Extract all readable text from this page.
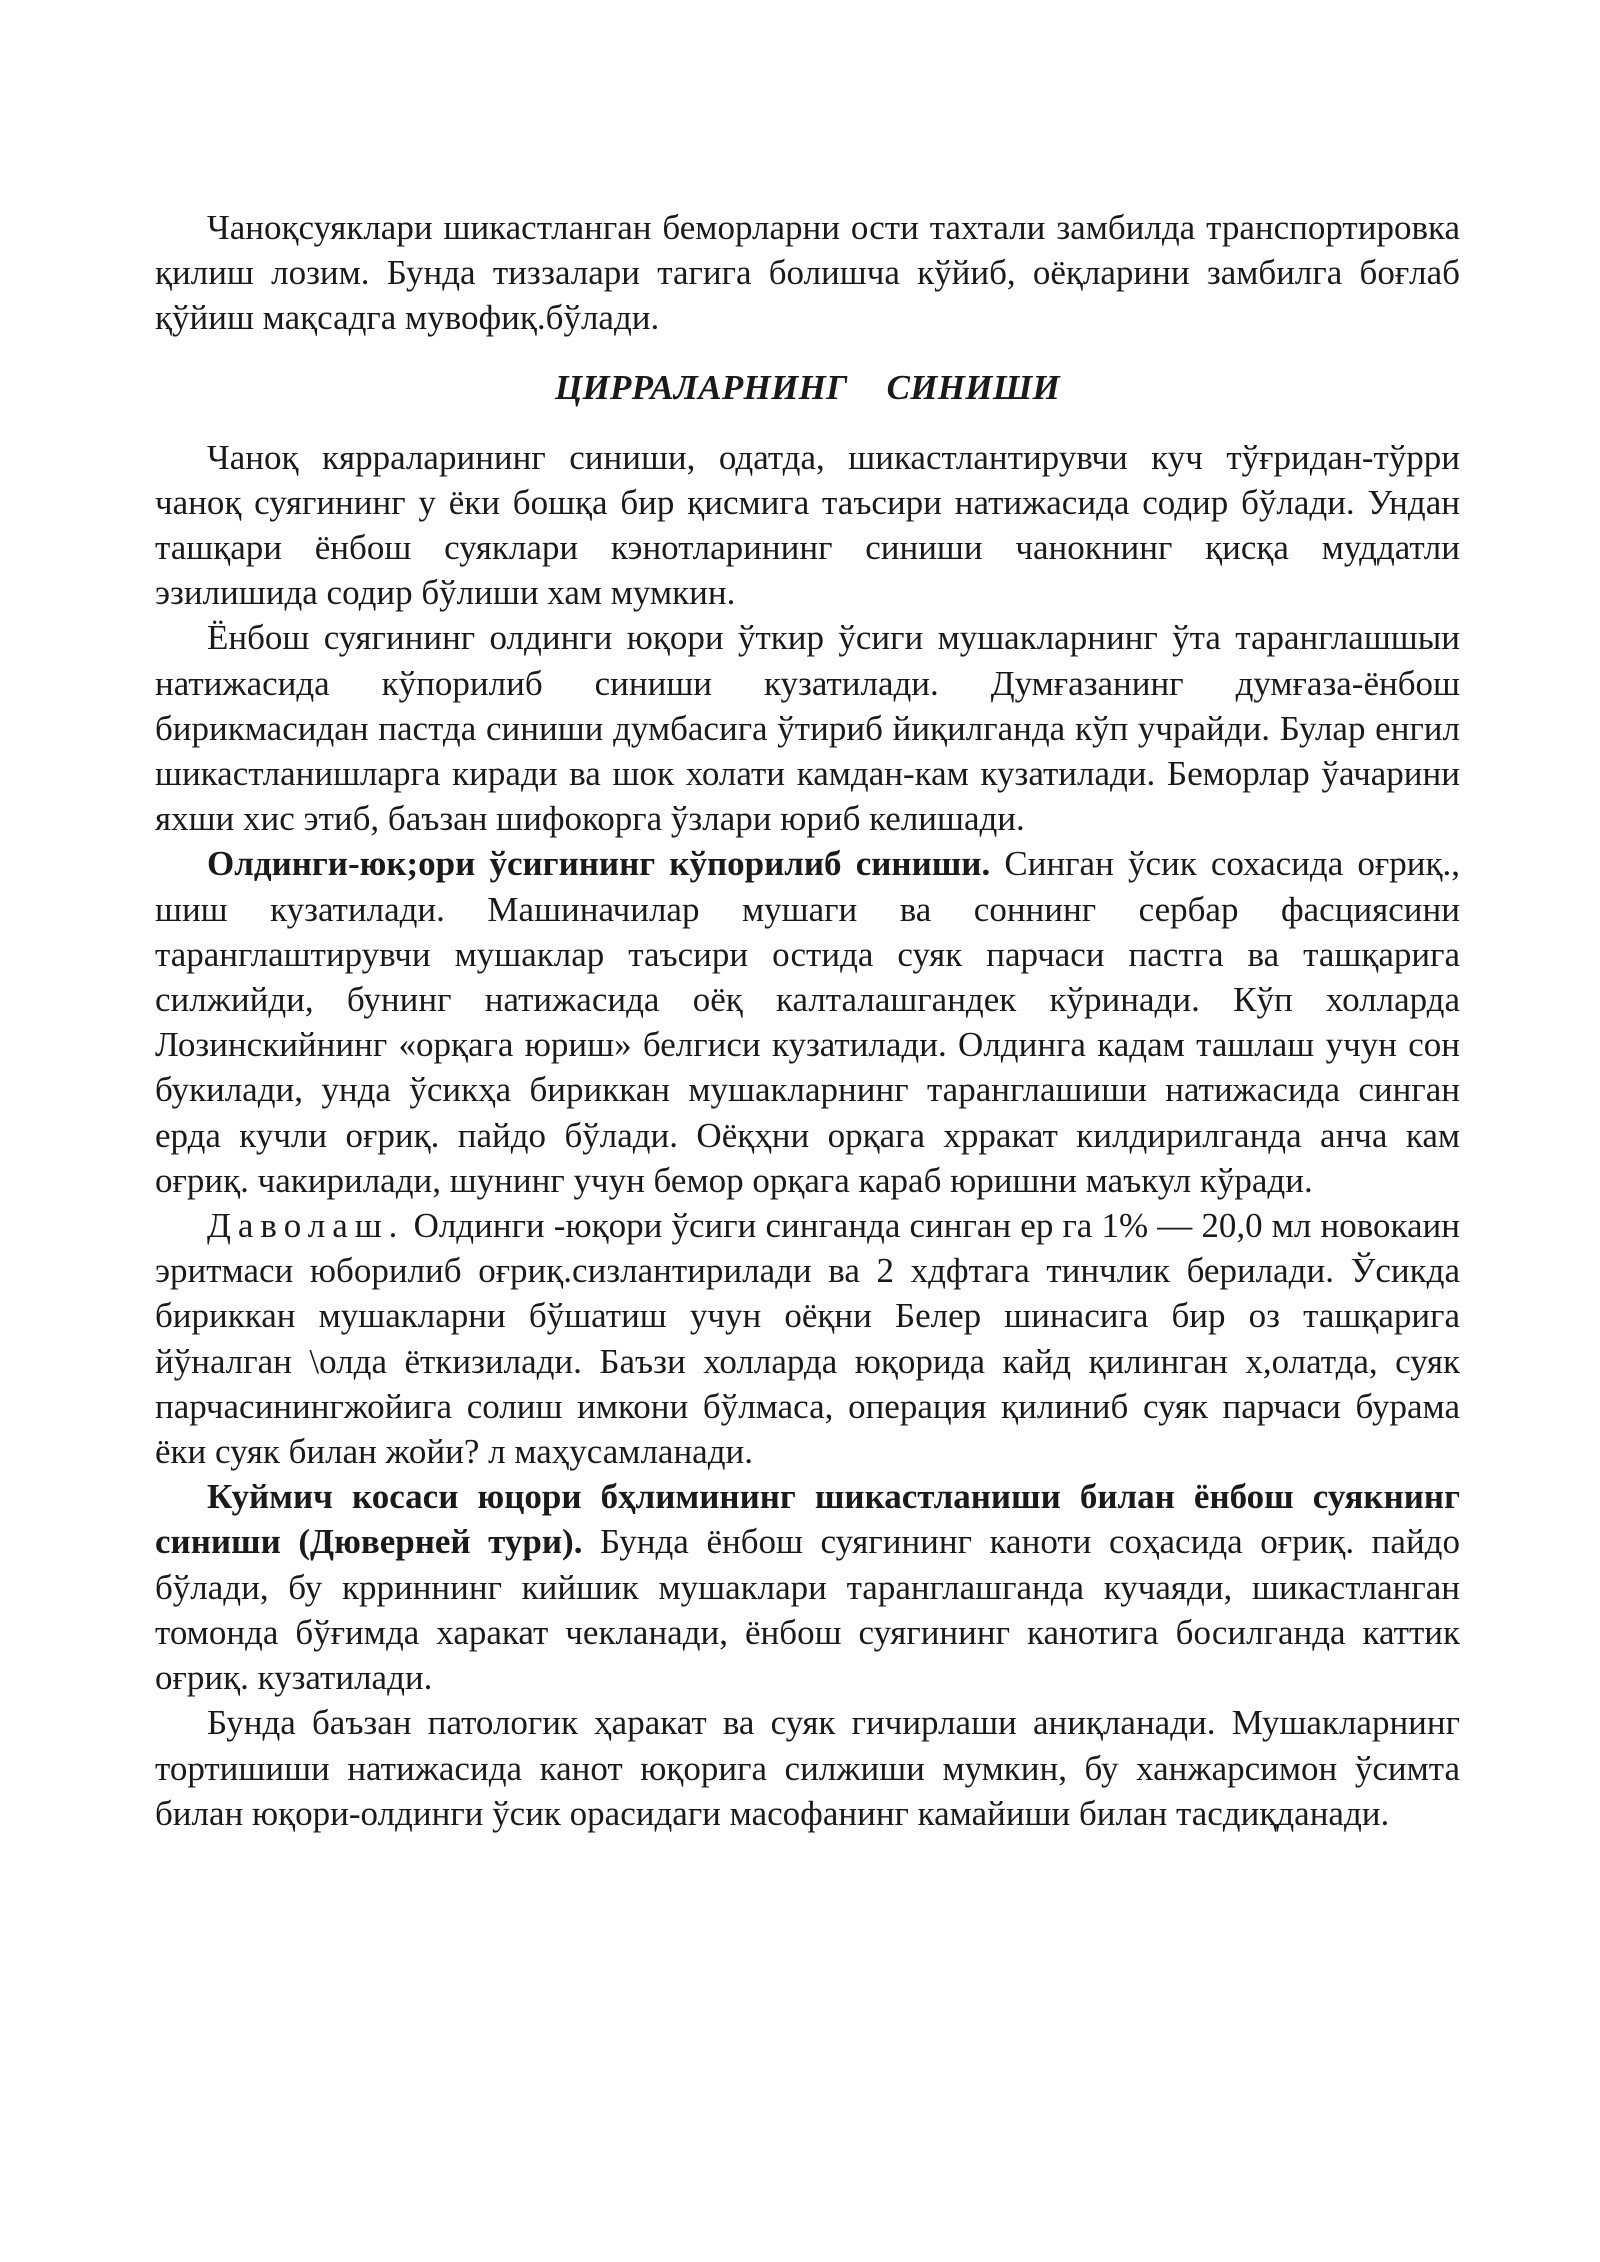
Чаноқсуяклари шикастланган беморларни ости тахтали замбилда транспортировка қилиш лозим. Бунда тиззалари тагига болишча кўйиб, оёқларини замбилга боғлаб қўйиш мақсадга мувофиқ.бўлади.

ЦИРРАЛАРНИНГ СИНИШИ

Чаноқ кярраларининг синиши, одатда, шикастлантирувчи куч тўғридан-тўрри чаноқ суягининг у ёки бошқа бир қисмига таъсири натижасида содир бўлади. Ундан ташқари ёнбош суяклари кэнотларининг синиши чанокнинг қисқа муддатли эзилишида содир бўлиши хам мумкин.

Ёнбош суягининг олдинги юқори ўткир ўсиги мушакларнинг ўта таранглашшыи натижасида кўпорилиб синиши кузатилади. Думғазанинг думғаза-ёнбош бирикмасидан пастда синиши думбасига ўтириб йиқилганда кўп учрайди. Булар енгил шикастланишларга киради ва шок холати камдан-кам кузатилади. Беморлар ўачарини яхши хис этиб, баъзан шифокорга ўзлари юриб келишади.

Олдинги-юк;ори ўсигининг кўпорилиб синиши. Синган ўсик сохасида оғриқ., шиш кузатилади. Машиначилар мушаги ва соннинг сербар фасциясини таранглаштирувчи мушаклар таъсири остида суяк парчаси пастга ва ташқарига силжийди, бунинг натижасида оёқ калталашгандек кўринади. Кўп холларда Лозинскийнинг «орқага юриш» белгиси кузатилади. Олдинга кадам ташлаш учун сон букилади, унда ўсикҳа бириккан мушакларнинг таранглашиши натижасида синган ерда кучли оғриқ. пайдо бўлади. Оёқҳни орқага хрракат килдирилганда анча кам оғриқ. чакирилади, шунинг учун бемор орқага караб юришни маъкул кўради.

Даволаш. Олдинги -юқори ўсиги синганда синган ер га 1% — 20,0 мл новокаин эритмаси юборилиб оғриқ.сизлантирилади ва 2 хдфтага тинчлик берилади. Ўсикда бириккан мушакларни бўшатиш учун оёқни Белер шинасига бир оз ташқарига йўналган \олда ёткизилади. Баъзи холларда юқорида кайд қилинган х,олатда, суяк парчасинингжойига солиш имкони бўлмаса, операция қилиниб суяк парчаси бурама ёки суяк билан жойи? л маҳусамланади.

Куймич косаси юцори бҳлимининг шикастланиши билан ёнбош суякнинг синиши (Дюверней тури). Бунда ёнбош суягининг каноти соҳасида оғриқ. пайдо бўлади, бу крриннинг кийшик мушаклари таранглашганда кучаяди, шикастланган томонда бўғимда харакат чекланади, ёнбош суягининг канотига босилганда каттик оғриқ. кузатилади.

Бунда баъзан патологик ҳаракат ва суяк гичирлаши аниқланади. Мушакларнинг тортишиши натижасида канот юқорига силжиши мумкин, бу ханжарсимон ўсимта билан юқори-олдинги ўсик орасидаги масофанинг камайиши билан тасдиқданади.
